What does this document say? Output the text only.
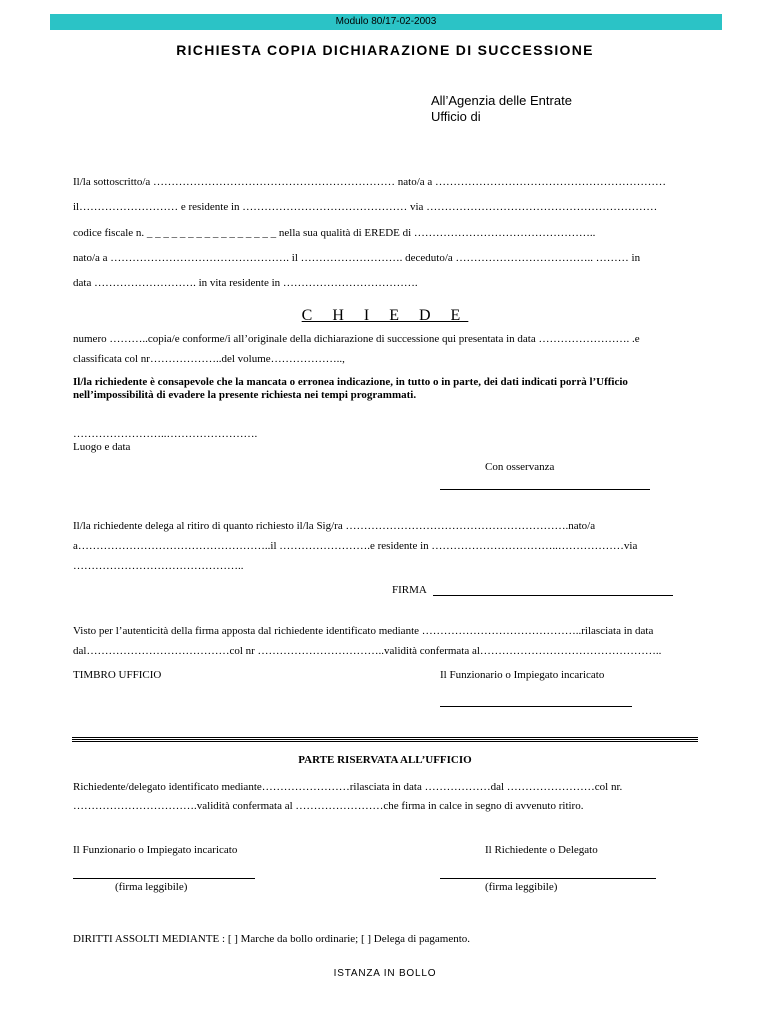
Modulo 80/17-02-2003
RICHIESTA COPIA DICHIARAZIONE DI SUCCESSIONE
All’Agenzia delle Entrate
Ufficio di
Il/la sottoscritto/a ………………………………………………………… nato/a a ………………………………………………………
il……………………… e residente in ……………………………………… via ………………………………………………………
codice fiscale n. _ _ _ _ _ _ _ _ _ _ _ _ _ _ _ _ nella sua qualità di EREDE di …………………………………………..
nato/a a …………………………………………. il ………………………. deceduto/a ……………………………….. ……… in
data ………………………. in vita residente in ……………………………….
C H I E D E
numero ………..copia/e conforme/i all’originale della dichiarazione di successione qui presentata in data ……………………. .e
classificata col nr………………..del volume………………..,
Il/la richiedente è consapevole che la mancata o erronea indicazione, in tutto o in parte, dei dati indicati porrà l’Ufficio
nell’impossibilità di evadere la presente richiesta nei tempi programmati.
……………………..…………………….
Luogo e data
Con osservanza
Il/la richiedente delega al ritiro di quanto richiesto il/la Sig/ra …………………………………………………….nato/a
a……………………………………………..il …………………….e residente in ……………………………..………………via
………………………………………..
FIRMA
Visto per l’autenticità della firma apposta dal richiedente identificato mediante ……………………………………..rilasciata in data
dal…………………………………col nr ……………………………..validità confermata al…………………………………………..
TIMBRO UFFICIO	Il Funzionario o Impiegato incaricato
PARTE RISERVATA ALL’UFFICIO
Richiedente/delegato identificato mediante……………………rilasciata in data ………………dal ……………………col nr.
…………………………….validità confermata al ……………………che firma in calce in segno di avvenuto ritiro.
Il Funzionario o Impiegato incaricato	Il Richiedente o Delegato
(firma leggibile)	(firma leggibile)
DIRITTI ASSOLTI MEDIANTE : [ ] Marche da bollo ordinarie; [ ] Delega di pagamento.
ISTANZA IN BOLLO
